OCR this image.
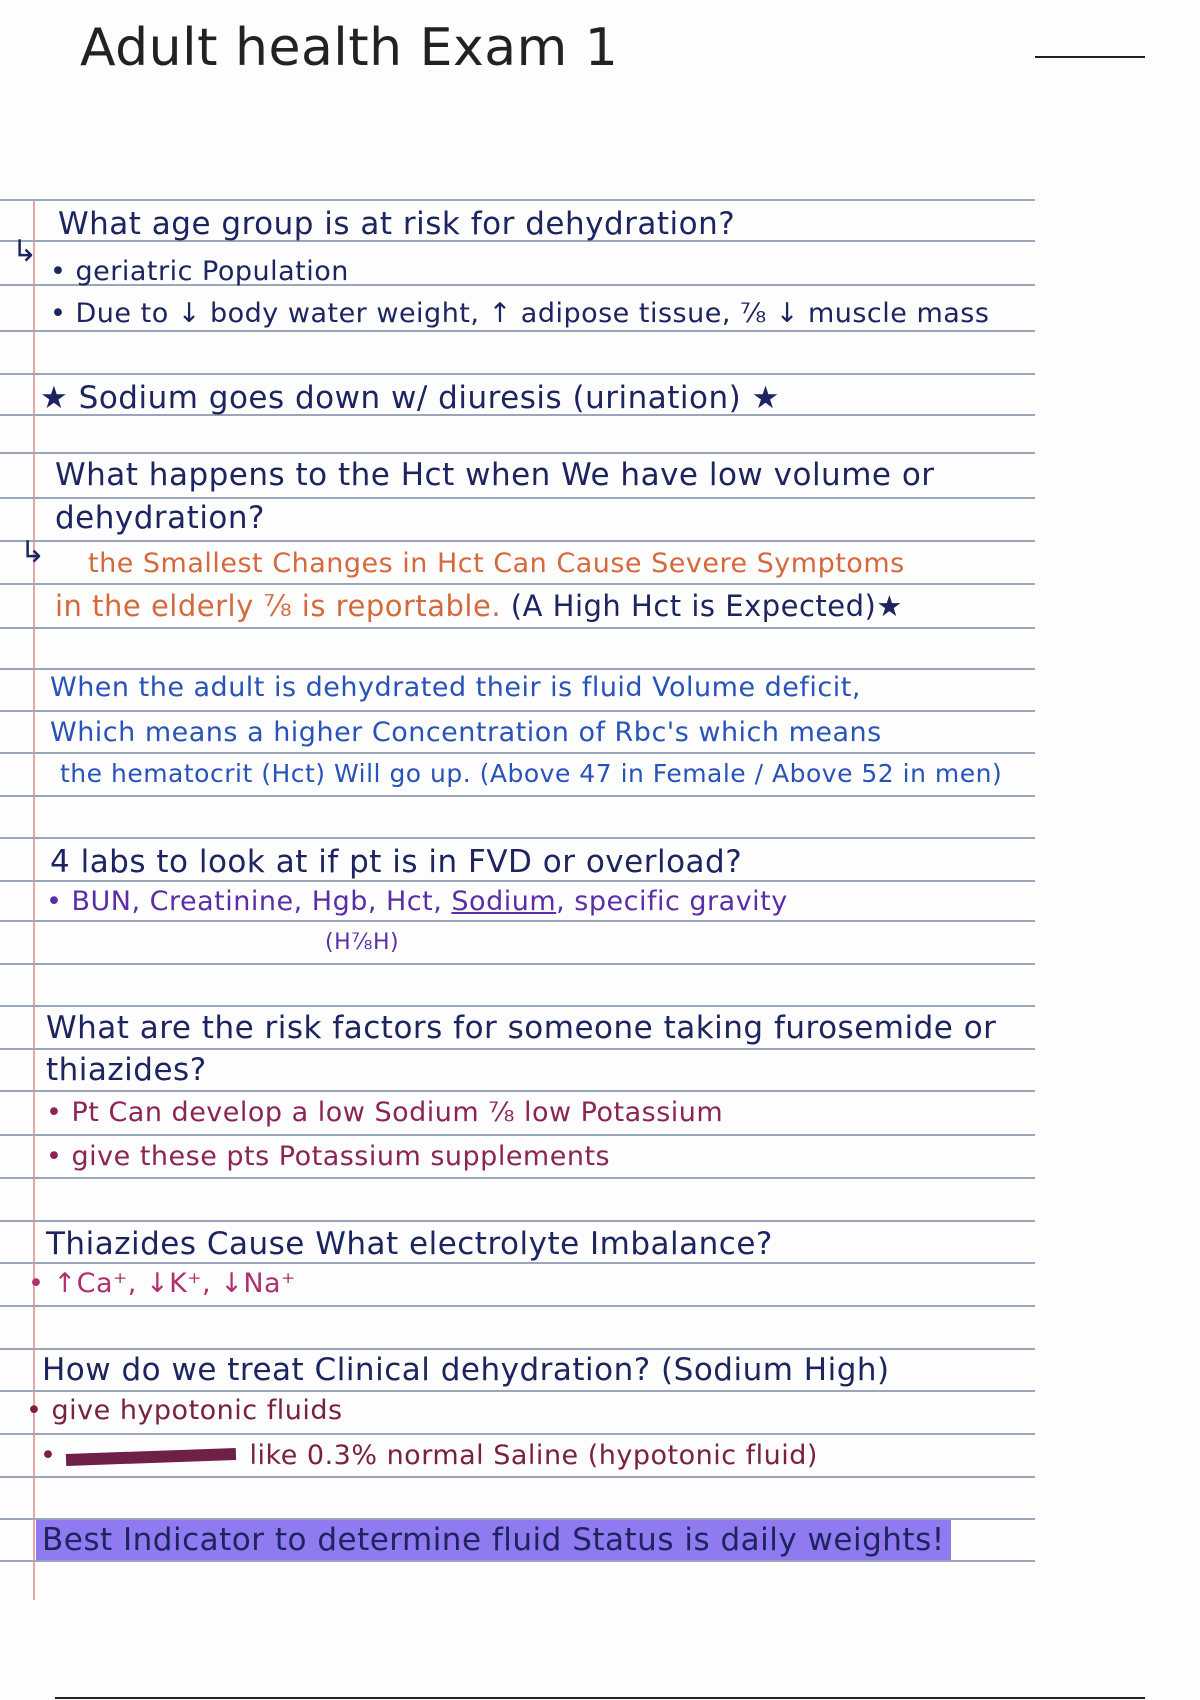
Adult health Exam 1
What age group is at risk for dehydration?
↳
• geriatric Population
• Due to ↓ body water weight, ↑ adipose tissue, ⅞ ↓ muscle mass
★ Sodium goes down w/ diuresis (urination) ★
What happens to the Hct when We have low volume or
dehydration?
↳ the Smallest Changes in Hct Can Cause Severe Symptoms
in the elderly ⅞ is reportable. (A High Hct is Expected)★
When the adult is dehydrated their is fluid Volume deficit,
Which means a higher Concentration of Rbc's which means
the hematocrit (Hct) Will go up. (Above 47 in Female / Above 52 in men)
4 labs to look at if pt is in FVD or overload?
• BUN, Creatinine, Hgb, Hct, Sodium, specific gravity
(H⅞H)
What are the risk factors for someone taking furosemide or
thiazides?
• Pt Can develop a low Sodium ⅞ low Potassium
• give these pts Potassium supplements
Thiazides Cause What electrolyte Imbalance?
• ↑Ca⁺, ↓K⁺, ↓Na⁺
How do we treat Clinical dehydration? (Sodium High)
• give hypotonic fluids
•	like 0.3% normal Saline (hypotonic fluid)
Best Indicator to determine fluid Status is daily weights!
